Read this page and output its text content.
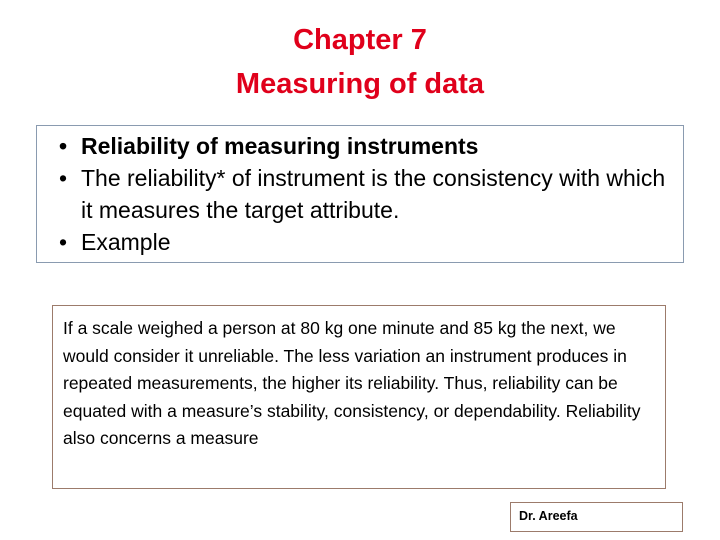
Chapter 7
Measuring of data
• Reliability of measuring instruments
• The reliability* of instrument is the consistency with which it measures the target attribute.
• Example
If a scale weighed a person at 80 kg one minute and 85 kg the next, we would consider it unreliable. The less variation an instrument produces in repeated measurements, the higher its reliability. Thus, reliability can be equated with a measure’s stability, consistency, or dependability. Reliability also concerns a measure
Dr. Areefa
